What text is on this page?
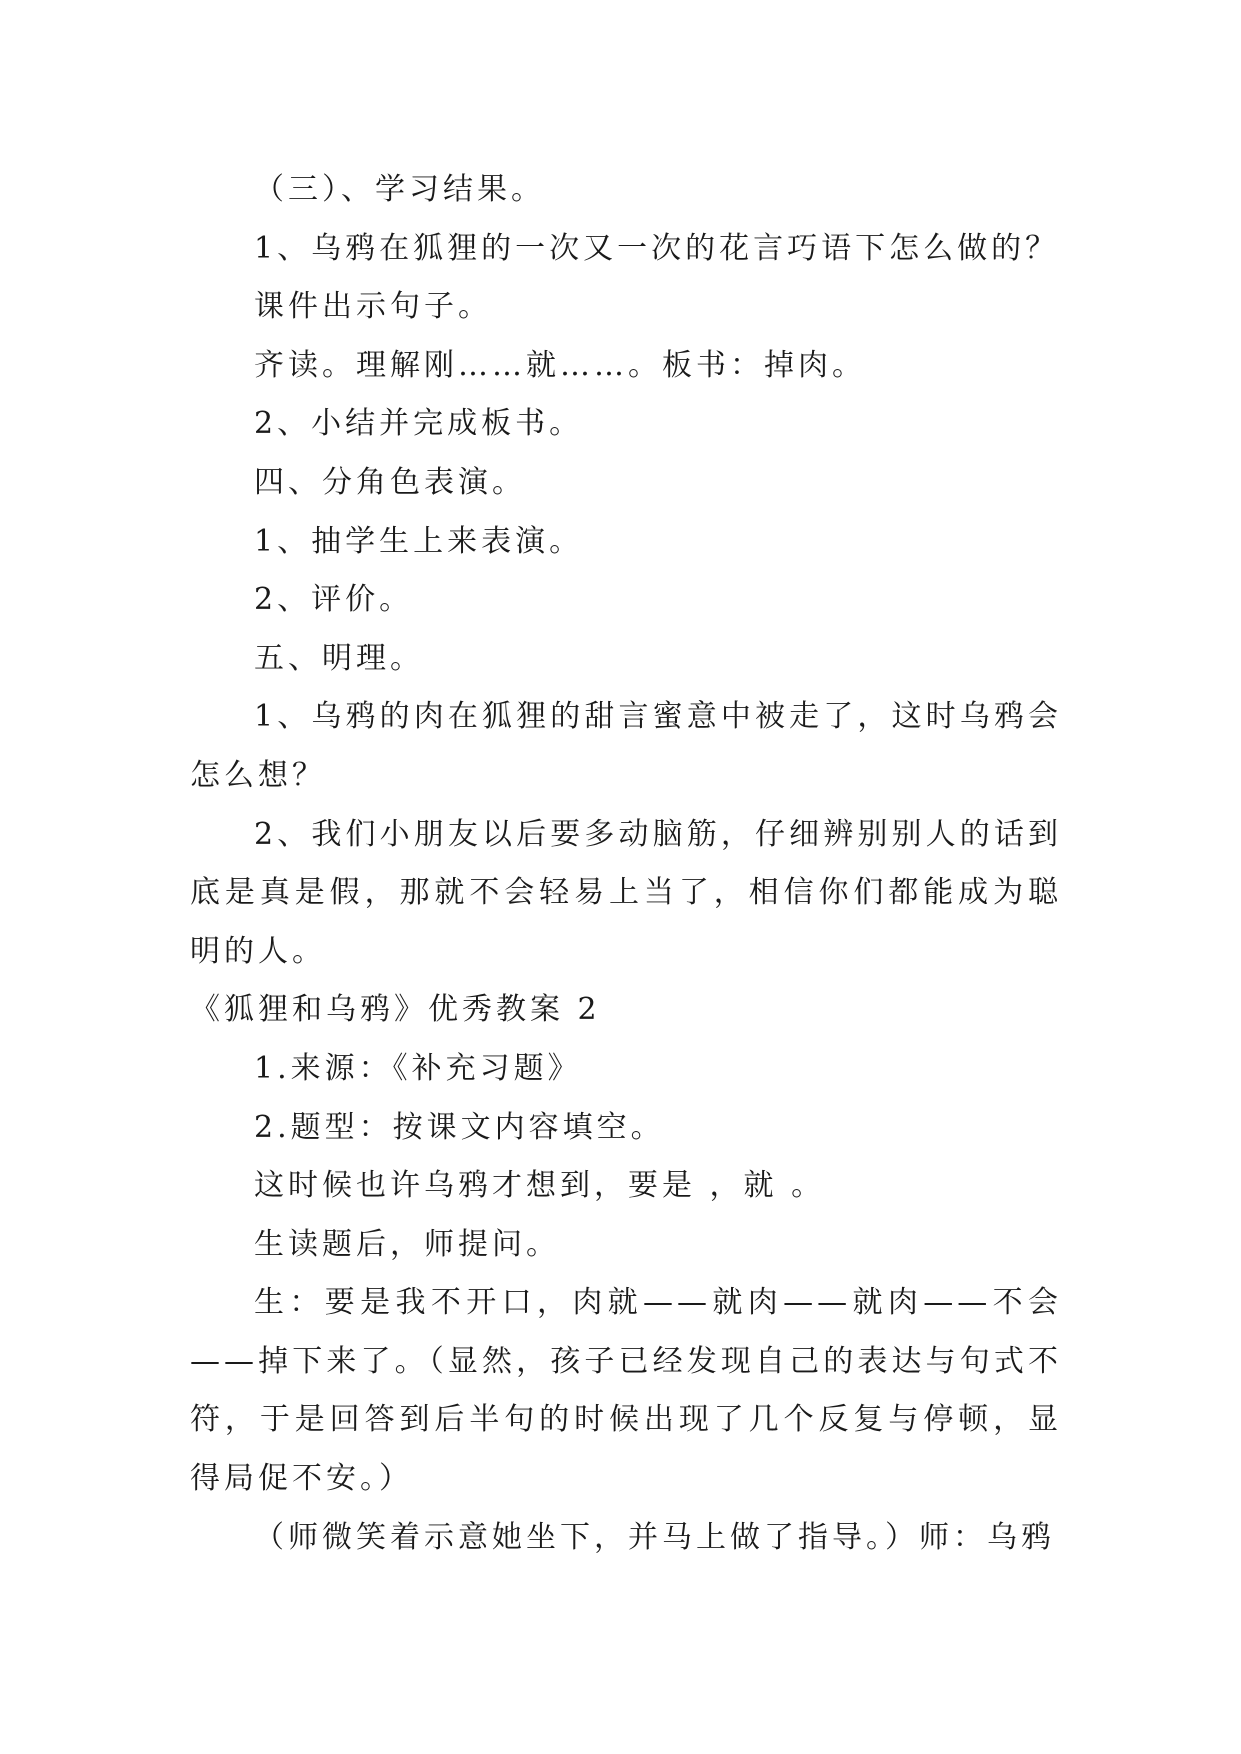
（三）、学习结果。

1、乌鸦在狐狸的一次又一次的花言巧语下怎么做的？

课件出示句子。

齐读。理解刚……就……。板书：掉肉。

2、小结并完成板书。

四、分角色表演。

1、抽学生上来表演。

2、评价。

五、明理。

1、乌鸦的肉在狐狸的甜言蜜意中被走了，这时乌鸦会怎么想？

2、我们小朋友以后要多动脑筋，仔细辨别别人的话到底是真是假，那就不会轻易上当了，相信你们都能成为聪明的人。

《狐狸和乌鸦》优秀教案 2

1.来源：《补充习题》

2.题型：按课文内容填空。

这时候也许乌鸦才想到，要是 ，就 。

生读题后，师提问。

生：要是我不开口，肉就——就肉——就肉——不会——掉下来了。（显然，孩子已经发现自己的表达与句式不符，于是回答到后半句的时候出现了几个反复与停顿，显得局促不安。）

（师微笑着示意她坐下，并马上做了指导。）师：乌鸦
